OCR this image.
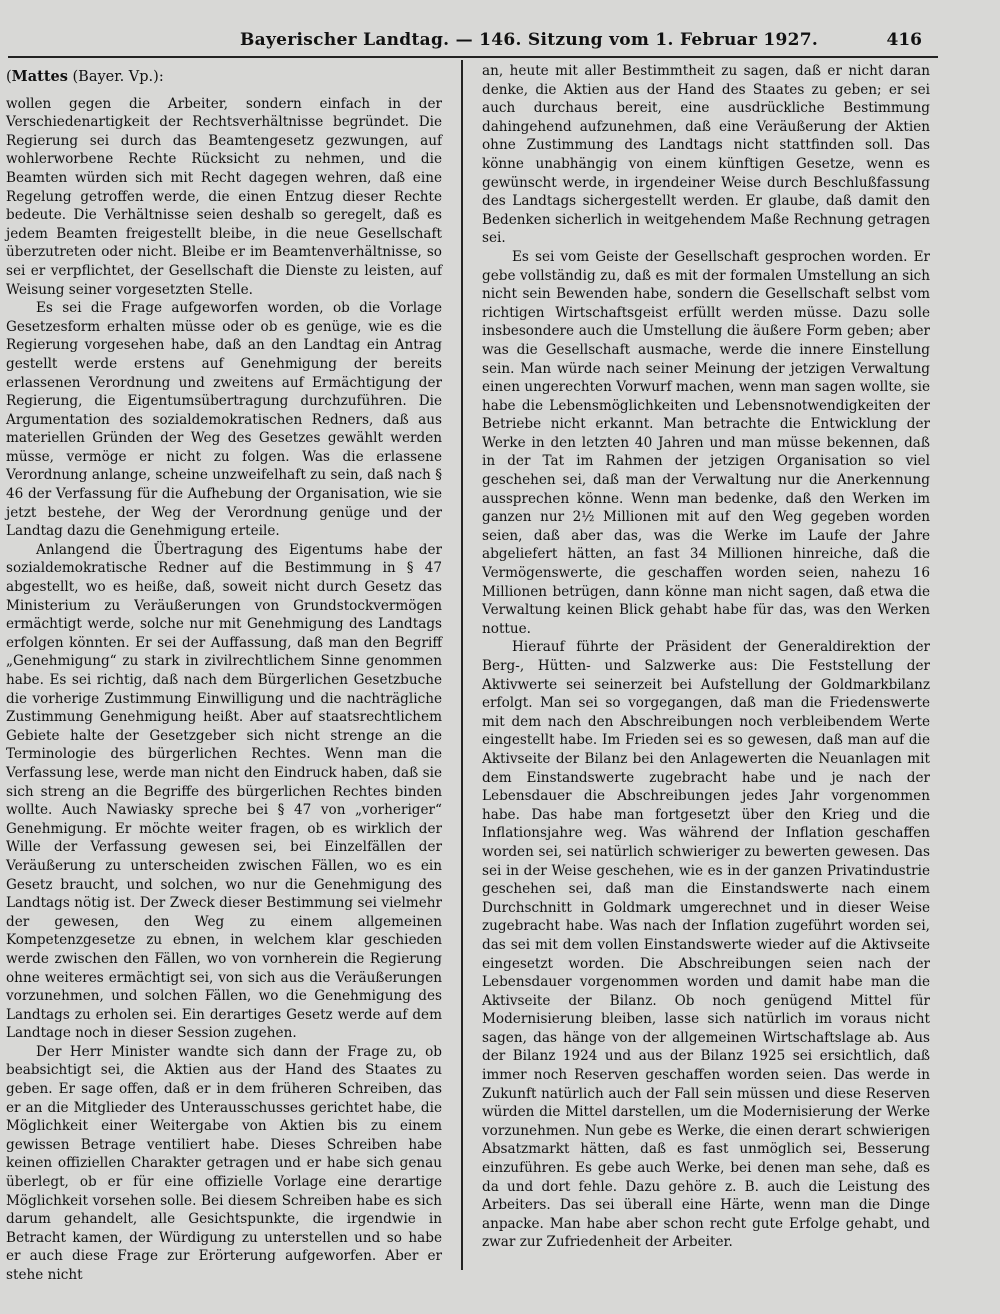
Bayerischer Landtag. — 146. Sitzung vom 1. Februar 1927.	416
(Mattes (Bayer. Vp.):

wollen gegen die Arbeiter, sondern einfach in der Verschiedenartigkeit der Rechtsverhältnisse begründet. Die Regierung sei durch das Beamtengesetz gezwungen, auf wohlerworbene Rechte Rücksicht zu nehmen, und die Beamten würden sich mit Recht dagegen wehren, daß eine Regelung getroffen werde, die einen Entzug dieser Rechte bedeute. Die Verhältnisse seien deshalb so geregelt, daß es jedem Beamten freigestellt bleibe, in die neue Gesellschaft überzutreten oder nicht. Bleibe er im Beamtenverhältnisse, so sei er verpflichtet, der Gesellschaft die Dienste zu leisten, auf Weisung seiner vorgesetzten Stelle.

Es sei die Frage aufgeworfen worden, ob die Vorlage Gesetzesform erhalten müsse oder ob es genüge, wie es die Regierung vorgesehen habe, daß an den Landtag ein Antrag gestellt werde erstens auf Genehmigung der bereits erlassenen Verordnung und zweitens auf Ermächtigung der Regierung, die Eigentumsübertragung durchzuführen. Die Argumentation des sozialdemokratischen Redners, daß aus materiellen Gründen der Weg des Gesetzes gewählt werden müsse, vermöge er nicht zu folgen. Was die erlassene Verordnung anlange, scheine unzweifelhaft zu sein, daß nach § 46 der Verfassung für die Aufhebung der Organisation, wie sie jetzt bestehe, der Weg der Verordnung genüge und der Landtag dazu die Genehmigung erteile.

Anlangend die Übertragung des Eigentums habe der sozialdemokratische Redner auf die Bestimmung in § 47 abgestellt, wo es heiße, daß, soweit nicht durch Gesetz das Ministerium zu Veräußerungen von Grundstockvermögen ermächtigt werde, solche nur mit Genehmigung des Landtags erfolgen könnten. Er sei der Auffassung, daß man den Begriff „Genehmigung“ zu stark in zivilrechtlichem Sinne genommen habe. Es sei richtig, daß nach dem Bürgerlichen Gesetzbuche die vorherige Zustimmung Einwilligung und die nachträgliche Zustimmung Genehmigung heißt. Aber auf staatsrechtlichem Gebiete halte der Gesetzgeber sich nicht strenge an die Terminologie des bürgerlichen Rechtes. Wenn man die Verfassung lese, werde man nicht den Eindruck haben, daß sie sich streng an die Begriffe des bürgerlichen Rechtes binden wollte. Auch Nawiasky spreche bei § 47 von „vorheriger“ Genehmigung. Er möchte weiter fragen, ob es wirklich der Wille der Verfassung gewesen sei, bei Einzelfällen der Veräußerung zu unterscheiden zwischen Fällen, wo es ein Gesetz braucht, und solchen, wo nur die Genehmigung des Landtags nötig ist. Der Zweck dieser Bestimmung sei vielmehr der gewesen, den Weg zu einem allgemeinen Kompetenzgesetze zu ebnen, in welchem klar geschieden werde zwischen den Fällen, wo von vornherein die Regierung ohne weiteres ermächtigt sei, von sich aus die Veräußerungen vorzunehmen, und solchen Fällen, wo die Genehmigung des Landtags zu erholen sei. Ein derartiges Gesetz werde auf dem Landtage noch in dieser Session zugehen.

Der Herr Minister wandte sich dann der Frage zu, ob beabsichtigt sei, die Aktien aus der Hand des Staates zu geben. Er sage offen, daß er in dem früheren Schreiben, das er an die Mitglieder des Unterausschusses gerichtet habe, die Möglichkeit einer Weitergabe von Aktien bis zu einem gewissen Betrage ventiliert habe. Dieses Schreiben habe keinen offiziellen Charakter getragen und er habe sich genau überlegt, ob er für eine offizielle Vorlage eine derartige Möglichkeit vorsehen solle. Bei diesem Schreiben habe es sich darum gehandelt, alle Gesichtspunkte, die irgendwie in Betracht kamen, der Würdigung zu unterstellen und so habe er auch diese Frage zur Erörterung aufgeworfen. Aber er stehe nicht

an, heute mit aller Bestimmtheit zu sagen, daß er nicht daran denke, die Aktien aus der Hand des Staates zu geben; er sei auch durchaus bereit, eine ausdrückliche Bestimmung dahingehend aufzunehmen, daß eine Veräußerung der Aktien ohne Zustimmung des Landtags nicht stattfinden soll. Das könne unabhängig von einem künftigen Gesetze, wenn es gewünscht werde, in irgendeiner Weise durch Beschlußfassung des Landtags sichergestellt werden. Er glaube, daß damit den Bedenken sicherlich in weitgehendem Maße Rechnung getragen sei.

Es sei vom Geiste der Gesellschaft gesprochen worden. Er gebe vollständig zu, daß es mit der formalen Umstellung an sich nicht sein Bewenden habe, sondern die Gesellschaft selbst vom richtigen Wirtschaftsgeist erfüllt werden müsse. Dazu solle insbesondere auch die Umstellung die äußere Form geben; aber was die Gesellschaft ausmache, werde die innere Einstellung sein. Man würde nach seiner Meinung der jetzigen Verwaltung einen ungerechten Vorwurf machen, wenn man sagen wollte, sie habe die Lebensmöglichkeiten und Lebensnotwendigkeiten der Betriebe nicht erkannt. Man betrachte die Entwicklung der Werke in den letzten 40 Jahren und man müsse bekennen, daß in der Tat im Rahmen der jetzigen Organisation so viel geschehen sei, daß man der Verwaltung nur die Anerkennung aussprechen könne. Wenn man bedenke, daß den Werken im ganzen nur 2½ Millionen mit auf den Weg gegeben worden seien, daß aber das, was die Werke im Laufe der Jahre abgeliefert hätten, an fast 34 Millionen hinreiche, daß die Vermögenswerte, die geschaffen worden seien, nahezu 16 Millionen betrügen, dann könne man nicht sagen, daß etwa die Verwaltung keinen Blick gehabt habe für das, was den Werken nottue.

Hierauf führte der Präsident der Generaldirektion der Berg-, Hütten- und Salzwerke aus: Die Feststellung der Aktivwerte sei seinerzeit bei Aufstellung der Goldmarkbilanz erfolgt. Man sei so vorgegangen, daß man die Friedenswerte mit dem nach den Abschreibungen noch verbleibendem Werte eingestellt habe. Im Frieden sei es so gewesen, daß man auf die Aktivseite der Bilanz bei den Anlagewerten die Neuanlagen mit dem Einstandswerte zugebracht habe und je nach der Lebensdauer die Abschreibungen jedes Jahr vorgenommen habe. Das habe man fortgesetzt über den Krieg und die Inflationsjahre weg. Was während der Inflation geschaffen worden sei, sei natürlich schwieriger zu bewerten gewesen. Das sei in der Weise geschehen, wie es in der ganzen Privatindustrie geschehen sei, daß man die Einstandswerte nach einem Durchschnitt in Goldmark umgerechnet und in dieser Weise zugebracht habe. Was nach der Inflation zugeführt worden sei, das sei mit dem vollen Einstandswerte wieder auf die Aktivseite eingesetzt worden. Die Abschreibungen seien nach der Lebensdauer vorgenommen worden und damit habe man die Aktivseite der Bilanz. Ob noch genügend Mittel für Modernisierung bleiben, lasse sich natürlich im voraus nicht sagen, das hänge von der allgemeinen Wirtschaftslage ab. Aus der Bilanz 1924 und aus der Bilanz 1925 sei ersichtlich, daß immer noch Reserven geschaffen worden seien. Das werde in Zukunft natürlich auch der Fall sein müssen und diese Reserven würden die Mittel darstellen, um die Modernisierung der Werke vorzunehmen. Nun gebe es Werke, die einen derart schwierigen Absatzmarkt hätten, daß es fast unmöglich sei, Besserung einzuführen. Es gebe auch Werke, bei denen man sehe, daß es da und dort fehle. Dazu gehöre z. B. auch die Leistung des Arbeiters. Das sei überall eine Härte, wenn man die Dinge anpacke. Man habe aber schon recht gute Erfolge gehabt, und zwar zur Zufriedenheit der Arbeiter.
